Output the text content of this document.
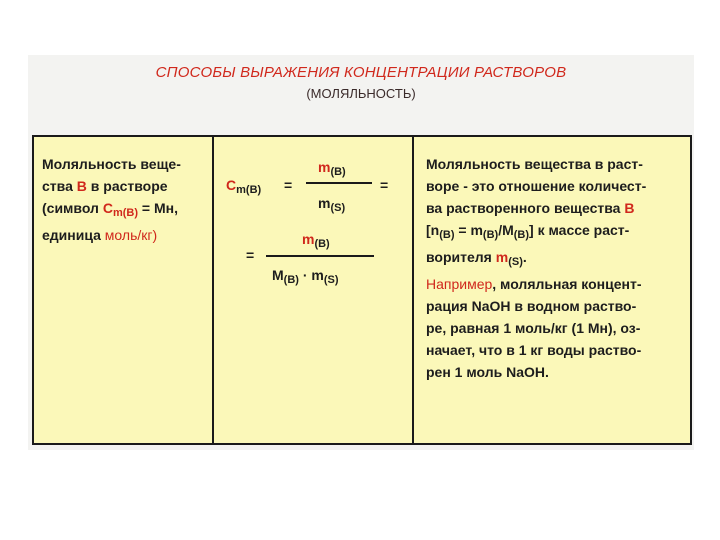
СПОСОБЫ ВЫРАЖЕНИЯ КОНЦЕНТРАЦИИ РАСТВОРОВ
(МОЛЯЛЬНОСТЬ)
Моляльность веще-
ства В в растворе
(символ $C_{m(B)}$ = Мн,
единица моль/кг)
$C_{m(B)}$ =
$m_{(B)}$
$m_{(S)}$
=
=
$m_{(B)}$
$M_{(B)} \cdot m_{(S)}$
Моляльность вещества в раст-
воре - это отношение количест-
ва растворенного вещества В
$[n_{(B)} = m_{(B)}/M_{(B)}]$ к массе раст-
ворителя $m_{(S)}$.
Например, моляльная концент-
рация NaOH в водном раство-
ре, равная 1 моль/кг (1 Мн), оз-
начает, что в 1 кг воды раство-
рен 1 моль NaOH.
